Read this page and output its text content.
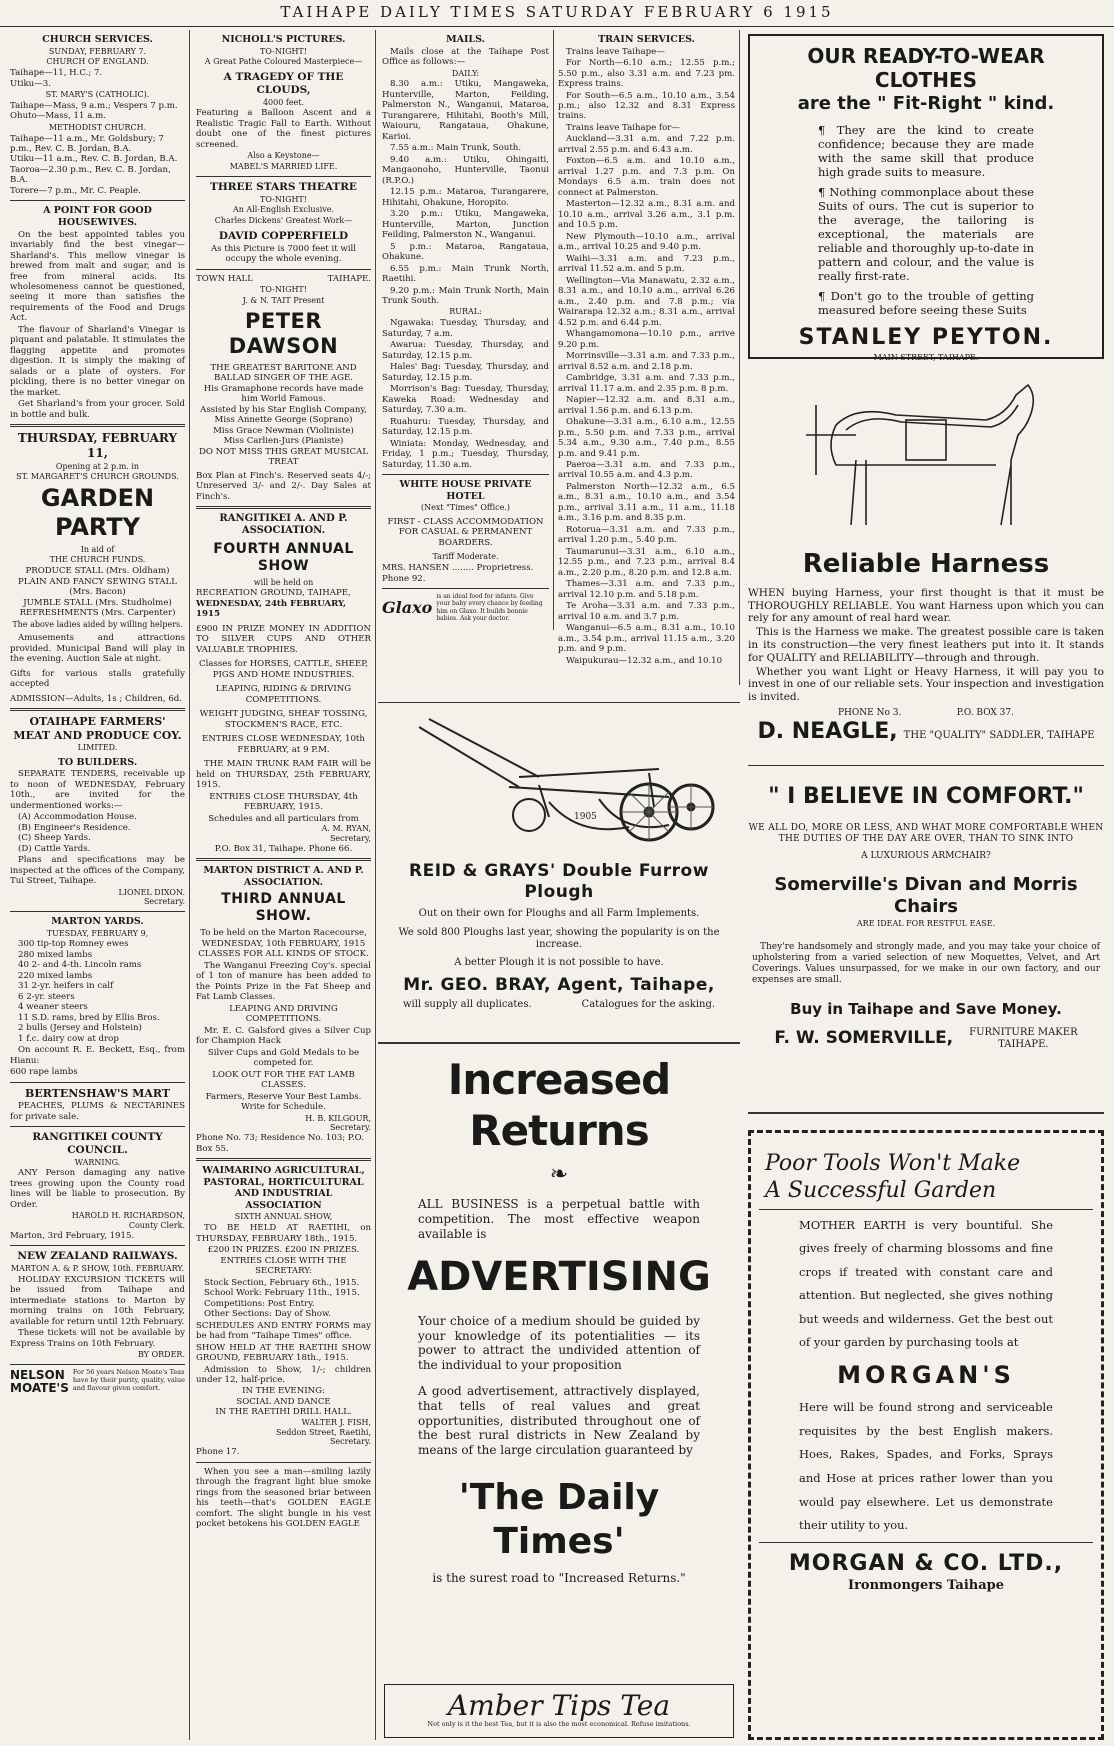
TAIHAPE DAILY TIMES SATURDAY FEBRUARY 6 1915
CHURCH SERVICES.
SUNDAY, FEBRUARY 7.
CHURCH OF ENGLAND.
Taihape—11, H.C.; 7.
Utiku—3.
ST. MARY'S (CATHOLIC).
Taihape—Mass, 9 a.m.; Vespers 7 p.m.
Ohuto—Mass, 11 a.m.
METHODIST CHURCH.
Taihape—11 a.m., Mr. Goldsbury; 7 p.m., Rev. C. B. Jordan, B.A.
Utiku—11 a.m., Rev. C. B. Jordan, B.A.
Taoroa—2.30 p.m., Rev. C. B. Jordan, B.A.
Torere—7 p.m., Mr. C. Peaple.
A POINT FOR GOOD HOUSEWIVES.

On the best appointed tables you invariably find the best vinegar—Sharland's. This mellow vinegar is brewed from malt and sugar, and is free from mineral acids. Its wholesomeness cannot be questioned, seeing it more than satisfies the requirements of the Food and Drugs Act.

The flavour of Sharland's Vinegar is piquant and palatable. It stimulates the flagging appetite and promotes digestion. It is simply the making of salads or a plate of oysters. For pickling, there is no better vinegar on the market.

Get Sharland's from your grocer. Sold in bottle and bulk.

THURSDAY, FEBRUARY 11,
Opening at 2 p.m. in
ST. MARGARET'S CHURCH GROUNDS.
GARDEN PARTY
In aid of
THE CHURCH FUNDS.
PRODUCE STALL (Mrs. Oldham)
PLAIN AND FANCY SEWING STALL (Mrs. Bacon)
JUMBLE STALL (Mrs. Studholme)
REFRESHMENTS (Mrs. Carpenter)
The above ladies aided by willing helpers.

Amusements and attractions provided. Municipal Band will play in the evening. Auction Sale at night.

Gifts for various stalls gratefully accepted

ADMISSION—Adults, 1s ; Children, 6d.

OTAIHAPE FARMERS' MEAT AND PRODUCE COY.
LIMITED.
TO BUILDERS.

SEPARATE TENDERS, receivable up to noon of WEDNESDAY, February 10th., are invited for the undermentioned works:—

(A) Accommodation House.
(B) Engineer's Residence.
(C) Sheep Yards.
(D) Cattle Yards.

Plans and specifications may be inspected at the offices of the Company, Tui Street, Taihape.

LIONEL DIXON.
Secretary.
MARTON YARDS.
TUESDAY, FEBRUARY 9,
300 tip-top Romney ewes
280 mixed lambs
40 2- and 4-th. Lincoln rams
220 mixed lambs
31 2-yr. heifers in calf
6 2-yr. steers
4 weaner steers
11 S.D. rams, bred by Ellis Bros.
2 bulls (Jersey and Holstein)
1 f.c. dairy cow at drop

On account R. E. Beckett, Esq., from Hianu:

600 rape lambs
BERTENSHAW'S MART

PEACHES, PLUMS & NECTARINES for private sale.

RANGITIKEI COUNTY COUNCIL.
WARNING.

ANY Person damaging any native trees growing upon the County road lines will be liable to prosecution. By Order.

HAROLD H. RICHARDSON,
County Clerk.
Marton, 3rd February, 1915.
NEW ZEALAND RAILWAYS.
MARTON A. & P. SHOW, 10th. FEBRUARY.

HOLIDAY EXCURSION TICKETS will be issued from Taihape and intermediate stations to Marton by morning trains on 10th February, available for return until 12th February.

These tickets will not be available by Express Trains on 10th February.

BY ORDER.
NELSON
MOATE'S
For 56 years Nelson Moate's Teas have by their purity, quality, value and flavour given comfort.
NICHOLL'S PICTURES.
TO-NIGHT!
A Great Pathe Coloured Masterpiece—
A TRAGEDY OF THE CLOUDS,
4000 feet.

Featuring a Balloon Ascent and a Realistic Tragic Fall to Earth. Without doubt one of the finest pictures screened.

Also a Keystone—
MABEL'S MARRIED LIFE.
THREE STARS THEATRE
TO-NIGHT!
An All-English Exclusive.
Charles Dickens' Greatest Work—
DAVID COPPERFIELD

As this Picture is 7000 feet it will occupy the whole evening.

TOWN HALL	TAIHAPE.
TO-NIGHT!
J. & N. TAIT Present
PETER DAWSON
THE GREATEST BARITONE AND BALLAD SINGER OF THE AGE.
His Gramaphone records have made him World Famous.
Assisted by his Star English Company,
Miss Annette George (Soprano)
Miss Grace Newman (Violiniste)
Miss Carlien-Jurs (Pianiste)
DO NOT MISS THIS GREAT MUSICAL TREAT

Box Plan at Finch's. Reserved seats 4/-; Unreserved 3/- and 2/-. Day Sales at Finch's.

RANGITIKEI A. AND P. ASSOCIATION.
FOURTH ANNUAL SHOW
will be held on
RECREATION GROUND, TAIHAPE,
WEDNESDAY, 24th FEBRUARY, 1915

£900 IN PRIZE MONEY IN ADDITION TO SILVER CUPS AND OTHER VALUABLE TROPHIES.

Classes for HORSES, CATTLE, SHEEP, PIGS AND HOME INDUSTRIES.

LEAPING, RIDING & DRIVING COMPETITIONS.

WEIGHT JUDGING, SHEAF TOSSING, STOCKMEN'S RACE, ETC.

ENTRIES CLOSE WEDNESDAY, 10th FEBRUARY, at 9 P.M.

THE MAIN TRUNK RAM FAIR will be held on THURSDAY, 25th FEBRUARY, 1915.

ENTRIES CLOSE THURSDAY, 4th FEBRUARY, 1915.

Schedules and all particulars from
A. M. RYAN,
Secretary,
P.O. Box 31, Taihape. Phone 66.
MARTON DISTRICT A. AND P. ASSOCIATION.
THIRD ANNUAL SHOW.
To be held on the Marton Racecourse, WEDNESDAY, 10th FEBRUARY, 1915
CLASSES FOR ALL KINDS OF STOCK.

The Wanganui Freezing Coy's. special of 1 ton of manure has been added to the Points Prize in the Fat Sheep and Fat Lamb Classes.

LEAPING AND DRIVING COMPETITIONS.

Mr. E. C. Galsford gives a Silver Cup for Champion Hack

Silver Cups and Gold Medals to be competed for.

LOOK OUT FOR THE FAT LAMB CLASSES.

Farmers, Reserve Your Best Lambs. Write for Schedule.

H. B. KILGOUR,
Secretary.
Phone No. 73; Residence No. 103; P.O. Box 55.
WAIMARINO AGRICULTURAL, PASTORAL, HORTICULTURAL AND INDUSTRIAL ASSOCIATION
SIXTH ANNUAL SHOW,

TO BE HELD AT RAETIHI, on THURSDAY, FEBRUARY 18th., 1915.

£200 IN PRIZES. £200 IN PRIZES.
ENTRIES CLOSE WITH THE SECRETARY:
Stock Section, February 6th., 1915.
School Work: February 11th., 1915.
Competitions: Post Entry.
Other Sections: Day of Show.

SCHEDULES AND ENTRY FORMS may be had from "Taihape Times" office.

SHOW HELD AT THE RAETIHI SHOW GROUND, FEBRUARY 18th., 1915.

Admission to Show, 1/-; children under 12, half-price.

IN THE EVENING:
SOCIAL AND DANCE
IN THE RAETIHI DRILL HALL.
WALTER J. FISH,
Seddon Street, Raetihi,
Secretary.
Phone 17.

When you see a man—smiling lazily through the fragrant light blue smoke rings from the seasoned briar between his teeth—that's GOLDEN EAGLE comfort. The slight bungle in his vest pocket betokens his GOLDEN EAGLE

MAILS.

Mails close at the Taihape Post Office as follows:—

DAILY:

8.30 a.m.: Utiku, Mangaweka, Hunterville, Marton, Feilding, Palmerston N., Wanganui, Mataroa, Turangarere, Hihitahi, Booth's Mill, Waiouru, Rangataua, Ohakune, Karioi.

7.55 a.m.: Main Trunk, South.

9.40 a.m.: Utiku, Ohingaiti, Mangaonoho, Hunterville, Taonui (R.P.O.)

12.15 p.m.: Mataroa, Turangarere, Hihitahi, Ohakune, Horopito.

3.20 p.m.: Utiku, Mangaweka, Hunterville, Marton, Junction Feilding, Palmerston N., Wanganui.

5 p.m.: Mataroa, Rangataua, Ohakune.

6.55 p.m.: Main Trunk North, Raetihi.

9.20 p.m.: Main Trunk North, Main Trunk South.

RURAL:

Ngawaka: Tuesday, Thursday, and Saturday, 7 a.m.

Awarua: Tuesday, Thursday, and Saturday, 12.15 p.m.

Hales' Bag: Tuesday, Thursday, and Saturday, 12.15 p.m.

Morrison's Bag: Tuesday, Thursday, Kaweka Road: Wednesday and Saturday, 7.30 a.m.

Ruahuru: Tuesday, Thursday, and Saturday, 12.15 p.m.

Winiata: Monday, Wednesday, and Friday, 1 p.m.; Tuesday, Thursday, Saturday, 11.30 a.m.

WHITE HOUSE PRIVATE HOTEL
(Next "Times" Office.)
FIRST - CLASS ACCOMMODATION FOR CASUAL & PERMANENT BOARDERS.
Tariff Moderate.
MRS. HANSEN ........ Proprietress.
Phone 92.
Glaxo
is an ideal food for infants. Give your baby every chance by feeding him on Glaxo. It builds bonnie babies. Ask your doctor.
TRAIN SERVICES.

Trains leave Taihape—

For North—6.10 a.m.; 12.55 p.m.; 5.50 p.m., also 3.31 a.m. and 7.23 pm. Express trains.

For South—6.5 a.m., 10.10 a.m., 3.54 p.m.; also 12.32 and 8.31 Express trains.

Trains leave Taihape for—

Auckland—3.31 a.m. and 7.22 p.m. arrival 2.55 p.m. and 6.43 a.m.

Foxton—6.5 a.m. and 10.10 a.m., arrival 1.27 p.m. and 7.3 p.m. On Mondays 6.5 a.m. train does not connect at Palmerston.

Masterton—12.32 a.m., 8.31 a.m. and 10.10 a.m., arrival 3.26 a.m., 3.1 p.m. and 10.5 p.m.

New Plymouth—10.10 a.m., arrival a.m., arrival 10.25 and 9.40 p.m.

Waihi—3.31 a.m. and 7.23 p.m., arrival 11.52 a.m. and 5 p.m.

Wellington—Via Manawatu, 2.32 a.m., 8.31 a.m., and 10.10 a.m., arrival 6.26 a.m., 2.40 p.m. and 7.8 p.m.; via Wairarapa 12.32 a.m.; 8.31 a.m., arrival 4.52 p.m. and 6.44 p.m.

Whangamomona—10.10 p.m., arrive 9.20 p.m.

Morrinsville—3.31 a.m. and 7.33 p.m., arrival 8.52 a.m. and 2.18 p.m.

Cambridge, 3.31 a.m. and 7.33 p.m., arrival 11.17 a.m. and 2.35 p.m. 8 p.m.

Napier—12.32 a.m. and 8.31 a.m., arrival 1.56 p.m. and 6.13 p.m.

Ohakune—3.31 a.m., 6.10 a.m., 12.55 p.m., 5.50 p.m. and 7.33 p.m., arrival 5.34 a.m., 9.30 a.m., 7.40 p.m., 8.55 p.m. and 9.41 p.m.

Paeroa—3.31 a.m. and 7.33 p.m., arrival 10.55 a.m. and 4.3 p.m.

Palmerston North—12.32 a.m., 6.5 a.m., 8.31 a.m., 10.10 a.m., and 3.54 p.m., arrival 3.11 a.m., 11 a.m., 11.18 a.m., 3.16 p.m. and 8.35 p.m.

Rotorua—3.31 a.m. and 7.33 p.m., arrival 1.20 p.m., 5.40 p.m.

Taumarunui—3.31 a.m., 6.10 a.m., 12.55 p.m., and 7.23 p.m., arrival 8.4 a.m., 2.20 p.m., 8.20 p.m. and 12.8 a.m.

Thames—3.31 a.m. and 7.33 p.m., arrival 12.10 p.m. and 5.18 p.m.

Te Aroha—3.31 a.m. and 7.33 p.m., arrival 10 a.m. and 3.7 p.m.

Wanganui—6.5 a.m., 8.31 a.m., 10.10 a.m., 3.54 p.m., arrival 11.15 a.m., 3.20 p.m. and 9 p.m.

Waipukurau—12.32 a.m., and 10.10

1905
REID & GRAYS' Double Furrow Plough
Out on their own for Ploughs and all Farm Implements.
We sold 800 Ploughs last year, showing the popularity is on the increase.
A better Plough it is not possible to have.
Mr. GEO. BRAY, Agent, Taihape,
will supply all duplicates.	Catalogues for the asking.
Increased Returns
❧

ALL BUSINESS is a perpetual battle with competition. The most effective weapon available is

ADVERTISING

Your choice of a medium should be guided by your knowledge of its potentialities — its power to attract the undivided attention of the individual to your proposition

A good advertisement, attractively displayed, that tells of real values and great opportunities, distributed throughout one of the best rural districts in New Zealand by means of the large circulation guaranteed by

'The Daily Times'
is the surest road to "Increased Returns."
Amber Tips Tea
Not only is it the best Tea, but it is also the most economical. Refuse imitations.
OUR READY-TO-WEAR CLOTHES
are the " Fit-Right " kind.

¶ They are the kind to create confidence; because they are made with the same skill that produce high grade suits to measure.

¶ Nothing commonplace about these Suits of ours. The cut is superior to the average, the tailoring is exceptional, the materials are reliable and thoroughly up-to-date in pattern and colour, and the value is really first-rate.

¶ Don't go to the trouble of getting measured before seeing these Suits

STANLEY PEYTON.
MAIN STREET, TAIHAPE.
Reliable Harness

WHEN buying Harness, your first thought is that it must be THOROUGHLY RELIABLE. You want Harness upon which you can rely for any amount of real hard wear.

This is the Harness we make. The greatest possible care is taken in its construction—the very finest leathers put into it. It stands for QUALITY and RELIABILITY—through and through.

Whether you want Light or Heavy Harness, it will pay you to invest in one of our reliable sets. Your inspection and investigation is invited.

PHONE No 3.	P.O. BOX 37.
D. NEAGLE, THE "QUALITY" SADDLER, TAIHAPE
" I BELIEVE IN COMFORT."
WE ALL DO, MORE OR LESS, AND WHAT MORE COMFORTABLE WHEN THE DUTIES OF THE DAY ARE OVER, THAN TO SINK INTO
A LUXURIOUS ARMCHAIR?
Somerville's Divan and Morris Chairs
ARE IDEAL FOR RESTFUL EASE.

They're handsomely and strongly made, and you may take your choice of upholstering from a varied selection of new Moquettes, Velvet, and Art Coverings. Values unsurpassed, for we make in our own factory, and our expenses are small.

Buy in Taihape and Save Money.
F. W. SOMERVILLE, FURNITURE MAKER
TAIHAPE.
Poor Tools Won't Make
A Successful Garden

MOTHER EARTH is very bountiful. She gives freely of charming blossoms and fine crops if treated with constant care and attention. But neglected, she gives nothing but weeds and wilderness. Get the best out of your garden by purchasing tools at

MORGAN'S

Here will be found strong and serviceable requisites by the best English makers. Hoes, Rakes, Spades, and Forks, Sprays and Hose at prices rather lower than you would pay elsewhere. Let us demonstrate their utility to you.

MORGAN & CO. LTD.,
Ironmongers Taihape
